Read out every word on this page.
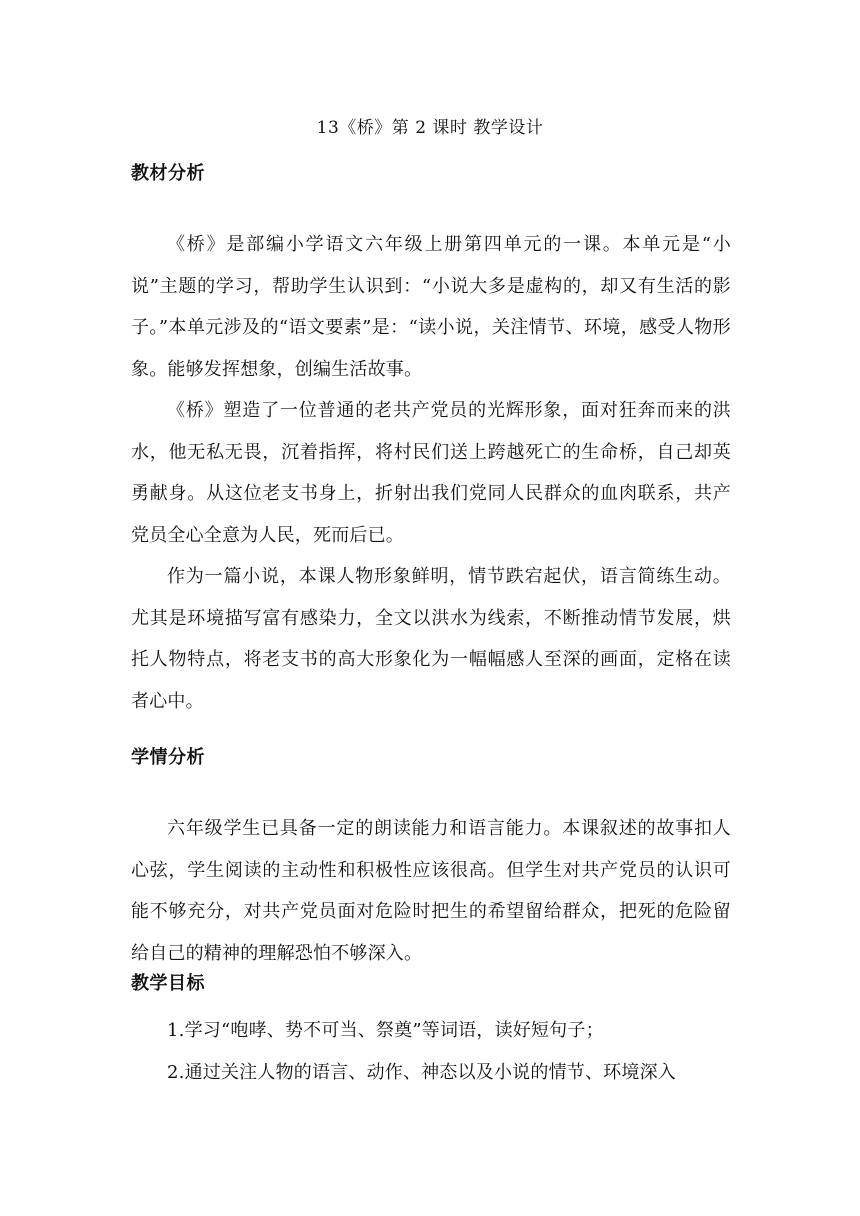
13《桥》第 2 课时 教学设计
教材分析

《桥》是部编小学语文六年级上册第四单元的一课。本单元是“小说”主题的学习，帮助学生认识到：“小说大多是虚构的，却又有生活的影子。”本单元涉及的“语文要素”是：“读小说，关注情节、环境，感受人物形象。能够发挥想象，创编生活故事。

《桥》塑造了一位普通的老共产党员的光辉形象，面对狂奔而来的洪水，他无私无畏，沉着指挥，将村民们送上跨越死亡的生命桥，自己却英勇献身。从这位老支书身上，折射出我们党同人民群众的血肉联系，共产党员全心全意为人民，死而后已。

作为一篇小说，本课人物形象鲜明，情节跌宕起伏，语言简练生动。尤其是环境描写富有感染力，全文以洪水为线索，不断推动情节发展，烘托人物特点，将老支书的高大形象化为一幅幅感人至深的画面，定格在读者心中。

学情分析

六年级学生已具备一定的朗读能力和语言能力。本课叙述的故事扣人心弦，学生阅读的主动性和积极性应该很高。但学生对共产党员的认识可能不够充分，对共产党员面对危险时把生的希望留给群众，把死的危险留给自己的精神的理解恐怕不够深入。

教学目标

1.学习“咆哮、势不可当、祭奠”等词语，读好短句子；

2.通过关注人物的语言、动作、神态以及小说的情节、环境深入
